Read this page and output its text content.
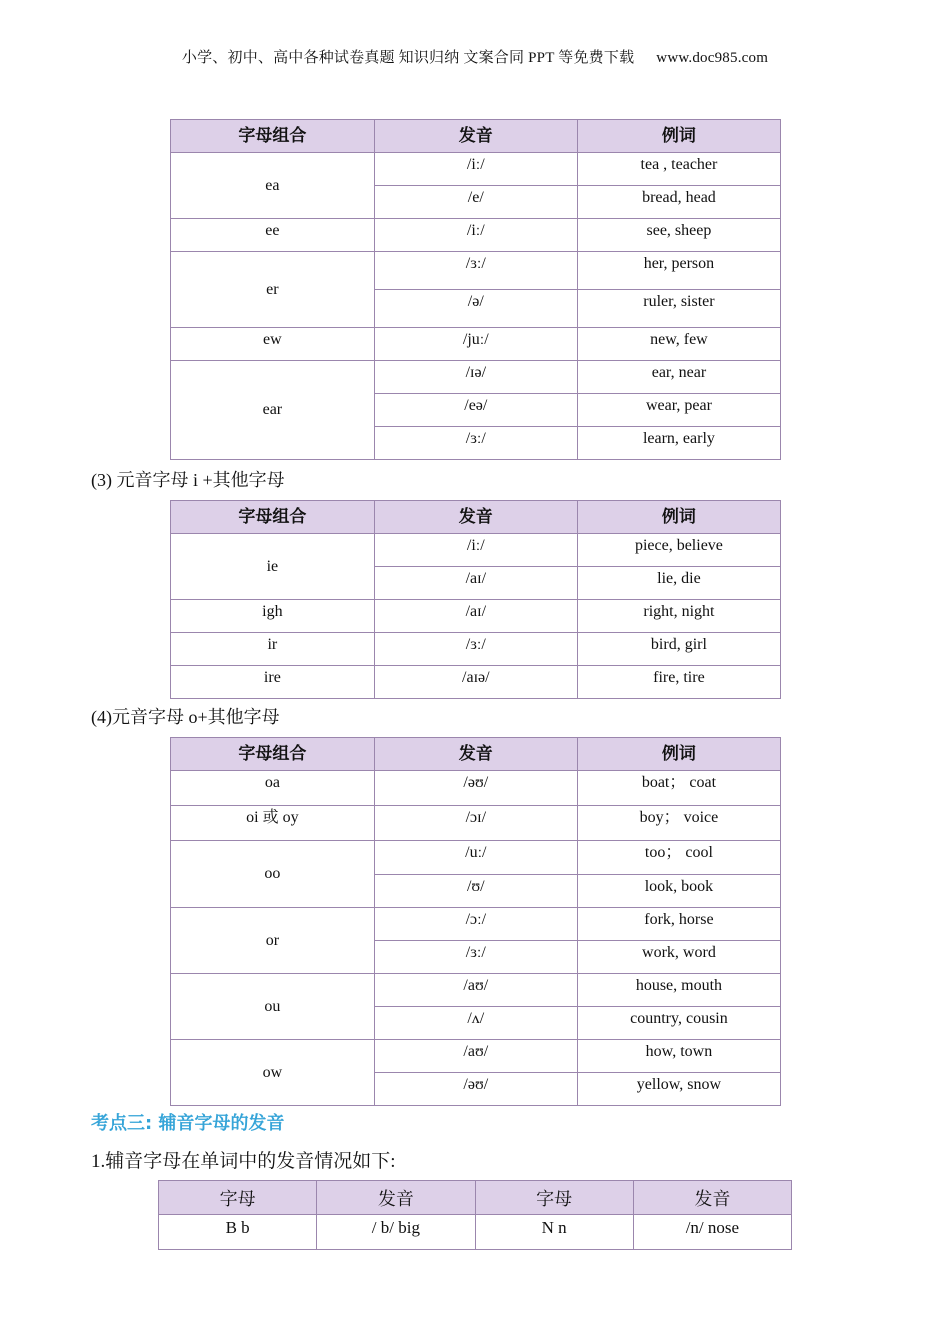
小学、初中、高中各种试卷真题 知识归纳 文案合同 PPT 等免费下载 www.doc985.com
字母组合	发音	例词
ea	/iː/	tea , teacher
	/e/	bread, head
ee	/iː/	see, sheep
er	/ɜː/	her, person
	/ə/	ruler, sister
ew	/juː/	new, few
ear	/ɪə/	ear, near
	/eə/	wear, pear
	/ɜː/	learn, early
(3) 元音字母 i +其他字母
字母组合	发音	例词
ie	/iː/	piece, believe
	/aɪ/	lie, die
igh	/aɪ/	right, night
ir	/ɜː/	bird, girl
ire	/aɪə/	fire, tire
(4)元音字母 o+其他字母
字母组合	发音	例词
oa	/əʊ/	boat； coat
oi 或 oy	/ɔɪ/	boy； voice
oo	/uː/	too； cool
	/ʊ/	look, book
or	/ɔː/	fork, horse
	/ɜː/	work, word
ou	/aʊ/	house, mouth
	/ʌ/	country, cousin
ow	/aʊ/	how, town
	/əʊ/	yellow, snow
考点三: 辅音字母的发音
1.辅音字母在单词中的发音情况如下:
字母	发音	字母	发音
B b	/ b/ big	N n	/n/ nose
